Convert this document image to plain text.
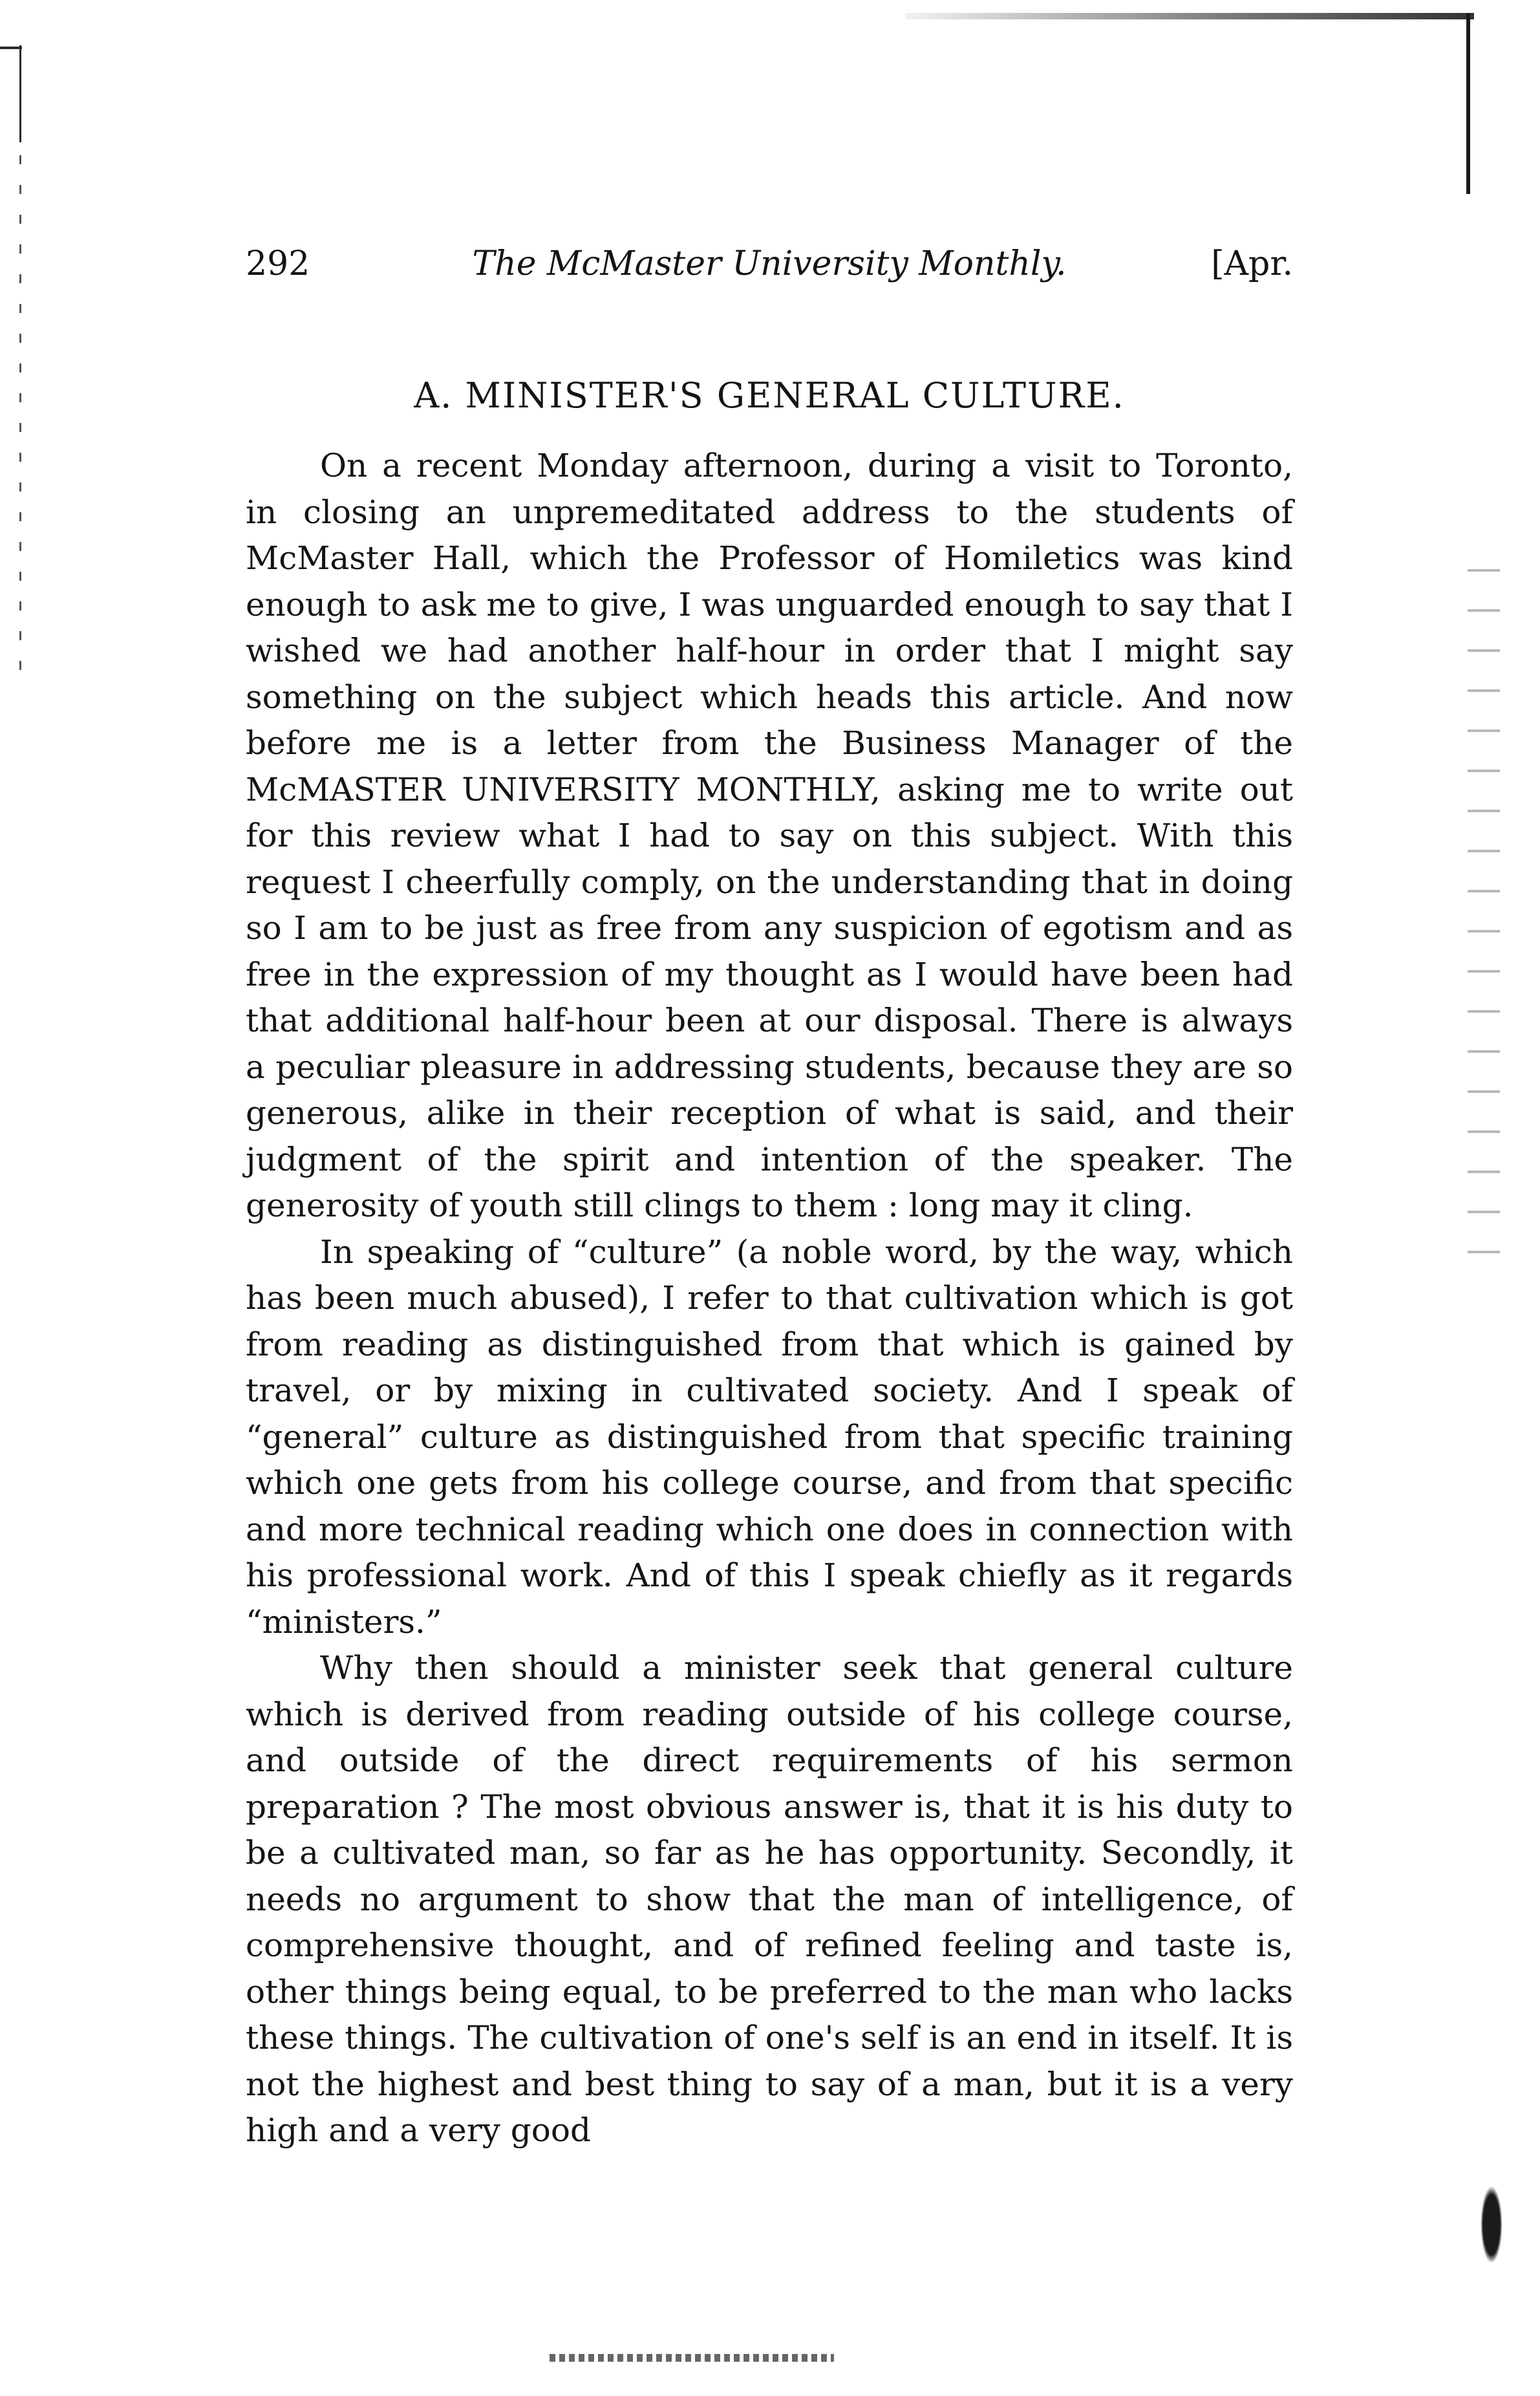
292	The McMaster University Monthly.	[Apr.
A. MINISTER'S GENERAL CULTURE.

On a recent Monday afternoon, during a visit to Toronto, in closing an unpremeditated address to the students of McMaster Hall, which the Professor of Homiletics was kind enough to ask me to give, I was unguarded enough to say that I wished we had another half-hour in order that I might say something on the subject which heads this article. And now before me is a letter from the Business Manager of the McMASTER UNIVERSITY MONTHLY, asking me to write out for this review what I had to say on this subject. With this request I cheerfully comply, on the understanding that in doing so I am to be just as free from any suspicion of egotism and as free in the expression of my thought as I would have been had that additional half-hour been at our disposal. There is always a peculiar pleasure in addressing students, because they are so generous, alike in their reception of what is said, and their judgment of the spirit and intention of the speaker. The generosity of youth still clings to them : long may it cling.

In speaking of “culture” (a noble word, by the way, which has been much abused), I refer to that cultivation which is got from reading as distinguished from that which is gained by travel, or by mixing in cultivated society. And I speak of “general” culture as distinguished from that specific training which one gets from his college course, and from that specific and more technical reading which one does in connection with his professional work. And of this I speak chiefly as it regards “ministers.”

Why then should a minister seek that general culture which is derived from reading outside of his college course, and outside of the direct requirements of his sermon preparation ? The most obvious answer is, that it is his duty to be a cultivated man, so far as he has opportunity. Secondly, it needs no argument to show that the man of intelligence, of comprehensive thought, and of refined feeling and taste is, other things being equal, to be preferred to the man who lacks these things. The cultivation of one's self is an end in itself. It is not the highest and best thing to say of a man, but it is a very high and a very good
